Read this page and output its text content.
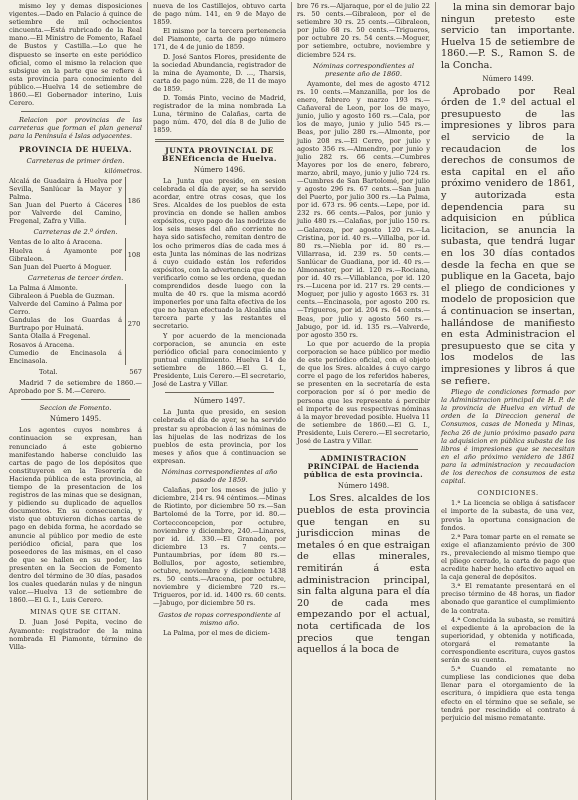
mismo ley y demas disposiciones vigentes.—Dado en Palacio á quince de setiembre de mil ochocientos cincuenta.—Está rubricado de la Real mano.—El Ministro de Fomento, Rafael de Bustos y Castilla.—Lo que he dispuesto se inserte en este periódico oficial, como el mismo la relacion que subsigue en la parte que se refiere á esta provincia para conocimiento del público.—Huelva 14 de setiembre de 1860.—El Gobernador interino, Luis Cerero.

Relacion por provincias de las carreteras que forman el plan general para la Península é Islas adyacentes.

PROVINCIA DE HUELVA.
Carreteras de primer órden.
kilómetros.
Alcalá de Guadaira á Huelva por Sevilla, Sanlúcar la Mayor y Palma.
San Juan del Puerto á Cáceres por Valverde del Camino, Fregenal, Zafra y Villa.
186
Carreteras de 2.º órden.
Ventas de lo alto á Aracena.
Huelva á Ayamonte por Gibraleon.
San Juan del Puerto á Moguer.
108
Carreteras de tercer órden.
La Palma á Almonte.
Gibraleon á Puebla de Guzman.
Valverde del Camino á Palma por Cerro.
Gandulas de los Guardas á Burtrapo por Huinatá.
Santa Olalla á Fregenal.
Rosavos á Aracena.
Cumedio de Encinasola á Encinasola.
270
Total.	567

Madrid 7 de setiembre de 1860.— Aprobado por S. M.—Cerero.

Seccion de Fomento.
Número 1495.

Los agentes cuyos nombres á continuacion se expresan, han renunciado á este gobierno manifestando haberse concluido las cartas de pago de los depósitos que constituyeron en la Tesorería de Hacienda pública de esta provincia, al tiempo de la presentacion de los registros de las minas que se designan, y pidiendo su duplicado de aquellos documentos. En su consecuencia, y visto que obtuvieron dichas cartas de pago en debida forma, he acordado se anuncie al público por medio de este periódico oficial, para que los poseedores de las mismas, en el caso de que se hallen en su poder, las presenten en la Seccion de Fomento dentro del término de 30 días, pasados los cuales quedarán nulas y de ningun valor.—Huelva 13 de setiembre de 1860.—El G. I., Luis Cerero.

MINAS QUE SE CITAN.

D. Juan José Pepita, vecino de Ayamonte: registrador de la mina nombrada El Piamonte, término de Villa-

nueva de los Castillejos, obtuvo carta de pago núm. 141, en 9 de Mayo de 1859.

El mismo por la tercera pertenencia del Piamonte, carta de pago número 171, de 4 de junio de 1859.

D. José Santos Flores, presidente de la sociedad Abundancia, registrador de la mina de Ayamonte, D. ..., Tharsis, carta de pago núm. 228, de 11 de mayo de 1859.

D. Tomás Pinto, vecino de Madrid, registrador de la mina nombrada La Luna, término de Calañas, carta de pago núm. 470, del día 8 de Julio de 1859.

JUNTA PROVINCIAL DE BENEficencia de Huelva.
Número 1496.

La Junta que presido, en sesion celebrada el día de ayer, se ha servido acordar, entre otras cosas, que los Sres. Alcaldes de los pueblos de esta provincia en donde se hallen ambos expósitos, cuyo pago de las nodrizas de los seis meses del año corriente no haya sido satisfecho, remitan dentro de los ocho primeros días de cada mes á esta Junta las nóminas de las nodrizas á cuyo cuidado están los referidos expósitos, con la advertencia que de no verificarlo como se les ordena, quedan comprendidos desde luego con la multa de 40 rs. que la misma acordó imponerles por una falta efectiva de los que no hayan efectuado la Alcaldía una tercera parte y las restantes el secretario.

Y por acuerdo de la mencionada corporacion, se anuncia en este periódico oficial para conocimiento y puntual cumplimiento. Huelva 14 de setiembre de 1860.—El G. I., Presidente, Luis Cerero.—El secretario, José de Lastra y Villar.

Número 1497.

La Junta que presido, en sesion celebrada el día de ayer, se ha servido prestar su aprobacion á las nóminas de las hijuelas de las nodrizas de los pueblos de esta provincia, por los meses y años que á continuacion se expresan.

Nóminas correspondientes al año pasado de 1859.

Calañas, por los meses de julio y diciembre, 214 rs. 94 céntimos.—Minas de Riotinto, por diciembre 50 rs.—San Bartolomé de la Torre, por id. 80.—Cortecconcepcion, por octubre, noviembre y diciembre, 240.—Linares, por id. id. 330.—El Granado, por diciembre 13 rs. 7 cents.—Puntaumbrias, por ídem 80 rs.—Bollullos, por agosto, setiembre, octubre, noviembre y diciembre 1438 rs. 50 cents.—Aracena, por octubre, noviembre y diciembre 720 rs.—Trigueros, por id. id. 1400 rs. 60 cents.—Jabugo, por diciembre 50 rs.

Gastos de ropas correspondiente al mismo año.

La Palma, por el mes de diciem-

bre 76 rs.—Aljaraque, por el de julio 22 rs. 50 cents.—Gibraleon, por el de setiembre 30 rs. 25 cents.—Gibraleon, por julio 68 rs. 50 cents.—Trigueros, por octubre 20 rs. 54 cents.—Moguer, por setiembre, octubre, noviembre y diciembre 524 rs.

Nóminas correspondientes al presente año de 1860.

Ayamonte, del mes de agosto 4712 rs. 10 cents.—Manzanilla, por los de enero, febrero y marzo 193 rs.—Cañaveral de Leon, por los de mayo, junio, julio y agosto 160 rs.—Cala, por los de mayo, junio y julio 545 rs.—Beas, por julio 280 rs.—Almonte, por julio 208 rs.—El Cerro, por julio y agosto 356 rs.—Almendro, por junio y julio 282 rs. 66 cents.—Cumbres Mayores por los de enero, febrero, marzo, abril, mayo, junio y julio 724 rs.—Cumbres de San Bartolomé, por julio y agosto 296 rs. 67 cents.—San Juan del Puerto, por julio 300 rs.—La Palma, por id. 673 rs. 96 cents.—Lepe, por id. 232 rs. 66 cents.—Palos, por junio y julio 480 rs.—Calañas, por julio 150 rs.—Galaroza, por agosto 120 rs.—La Cristina, por id. 40 rs.—Villalba, por id. 80 rs.—Niebla por id. 80 rs.—Villarrasa, id. 239 rs. 50 cents.—Sanlúcar de Guadiana, por id. 40 rs.—Almonaster, por id. 120 rs.—Rociana, por id. 40 rs.—Villablanca, por id. 120 rs.—Lucena por id. 217 rs. 29 cents.—Moguer, por julio y agosto 1663 rs. 31 cents.—Encinasola, por agosto 200 rs.—Trigueros, por id. 204 rs. 64 cents.—Beas, por julio y agosto 560 rs.—Jabugo, por id. id. 135 rs.—Valverde, por agosto 350 rs.

Lo que por acuerdo de la propia corporacion se hace público por medio de este periódico oficial, con el objeto de que los Sres. alcaldes á cuyo cargo corre el pago de los referidos haberes, se presenten en la secretaría de esta corporacion por sí ó por medio de persona que les represente á percibir el importe de sus respectivas nóminas á la mayor brevedad posible. Huelva 11 de setiembre de 1860.—El G. I., Presidente, Luis Cerero.—El secretario, José de Lastra y Villar.

ADMINISTRACION PRINCIPAL de Hacienda pública de esta provincia.
Número 1498.

Los Sres. alcaldes de los pueblos de esta provincia que tengan en su jurisdiccion minas de metales ó en que estraigan de ellas minerales, remitirán á esta administracion principal, sin falta alguna para el día 20 de cada mes empezando por el actual, nota certificada de los precios que tengan aquellos á la boca de

la mina sin demorar bajo ningun pretesto este servicio tan importante. Huelva 15 de setiembre de 1860.—P. S., Ramon S. de la Concha.

Número 1499.

Aprobado por Real órden de 1.º del actual el presupuesto de las impresiones y libros para el servicio de la recaudacion de los derechos de consumos de esta capital en el año próximo venidero de 1861, y autorizada esta dependencia para su adquisicion en pública licitacion, se anuncia la subasta, que tendrá lugar en los 30 días contados desde la fecha en que se publique en la Gaceta, bajo el pliego de condiciones y modelo de proposicion que á continuacion se insertan, hallándose de manifiesto en esta Administracion el presupuesto que se cita y los modelos de las impresiones y libros á que se refiere.

Pliego de condiciones formado por la Administracion principal de H. P. de la provincia de Huelva en virtud de orden de la Direccion general de Consumos, casas de Moneda y Minas, fecha 26 de junio próximo pasado para la adquisicion en pública subasta de los libros é impresiones que se necesitan en el año próximo venidero de 1861 para la administracion y recaudacion de los derechos de consumos de esta capital.

CONDICIONES.

1.ª La licencia se obliga á satisfacer el importe de la subasta, de una vez, previa la oportuna consignacion de fondos.

2.ª Para tomar parte en el remate se exige el afianzamiento prévio de 300 rs., prevaleciendo al mismo tiempo que el pliego cerrado, la carta de pago que acredite haber hecho efectivo aquel en la caja general de depósitos.

3.ª El rematante presentará en el preciso término de 48 horas, un fiador abonado que garantice el cumplimiento de la contrata.

4.ª Concluida la subasta, se remitirá el expediente á la aprobacion de la superioridad, y obtenida y notificada, otorgará el rematante la correspondiente escritura, cuyos gastos serán de su cuenta.

5.ª Cuando el rematante no cumpliese las condiciones que deba llenar para el otorgamiento de la escritura, ó impidiera que esta tenga efecto en el término que se señale, se tendrá por rescindido el contrato á perjuicio del mismo rematante.
